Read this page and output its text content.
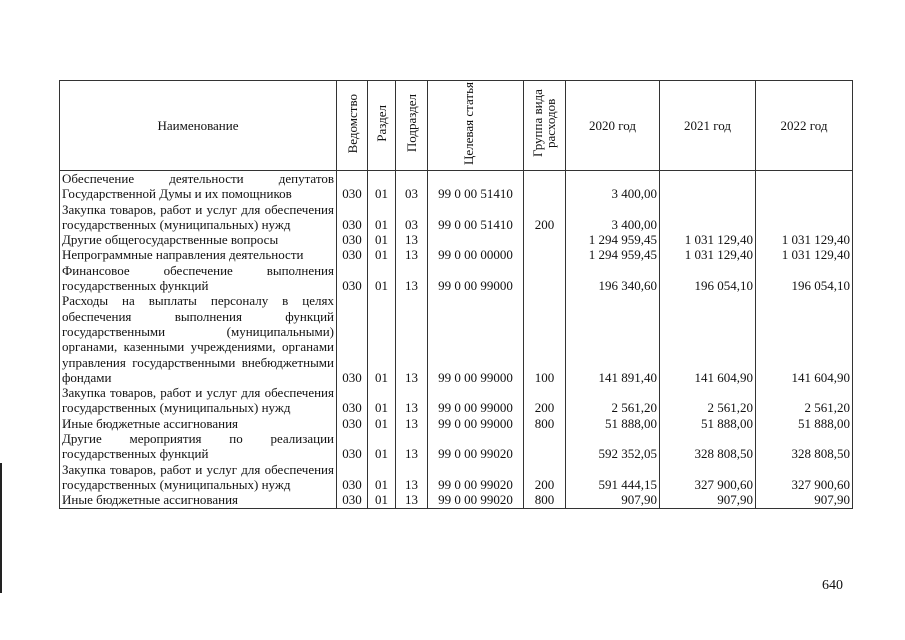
Наименование	Ведомство	Раздел	Подраздел	Целевая статья	Группа вида расходов	2020 год	2021 год	2022 год
Обеспечение деятельности депутатов Государственной Думы и их помощников	030	01	03	99 0 00 51410		3 400,00		
Закупка товаров, работ и услуг для обеспечения государственных (муниципальных) нужд	030	01	03	99 0 00 51410	200	3 400,00		
Другие общегосударственные вопросы	030	01	13			1 294 959,45	1 031 129,40	1 031 129,40
Непрограммные направления деятельности	030	01	13	99 0 00 00000		1 294 959,45	1 031 129,40	1 031 129,40
Финансовое обеспечение выполнения государственных функций	030	01	13	99 0 00 99000		196 340,60	196 054,10	196 054,10
Расходы на выплаты персоналу в целях обеспечения выполнения функций государственными (муниципальными) органами, казенными учреждениями, органами управления государственными внебюджетными фондами	030	01	13	99 0 00 99000	100	141 891,40	141 604,90	141 604,90
Закупка товаров, работ и услуг для обеспечения государственных (муниципальных) нужд	030	01	13	99 0 00 99000	200	2 561,20	2 561,20	2 561,20
Иные бюджетные ассигнования	030	01	13	99 0 00 99000	800	51 888,00	51 888,00	51 888,00
Другие мероприятия по реализации государственных функций	030	01	13	99 0 00 99020		592 352,05	328 808,50	328 808,50
Закупка товаров, работ и услуг для обеспечения государственных (муниципальных) нужд	030	01	13	99 0 00 99020	200	591 444,15	327 900,60	327 900,60
Иные бюджетные ассигнования	030	01	13	99 0 00 99020	800	907,90	907,90	907,90
640
